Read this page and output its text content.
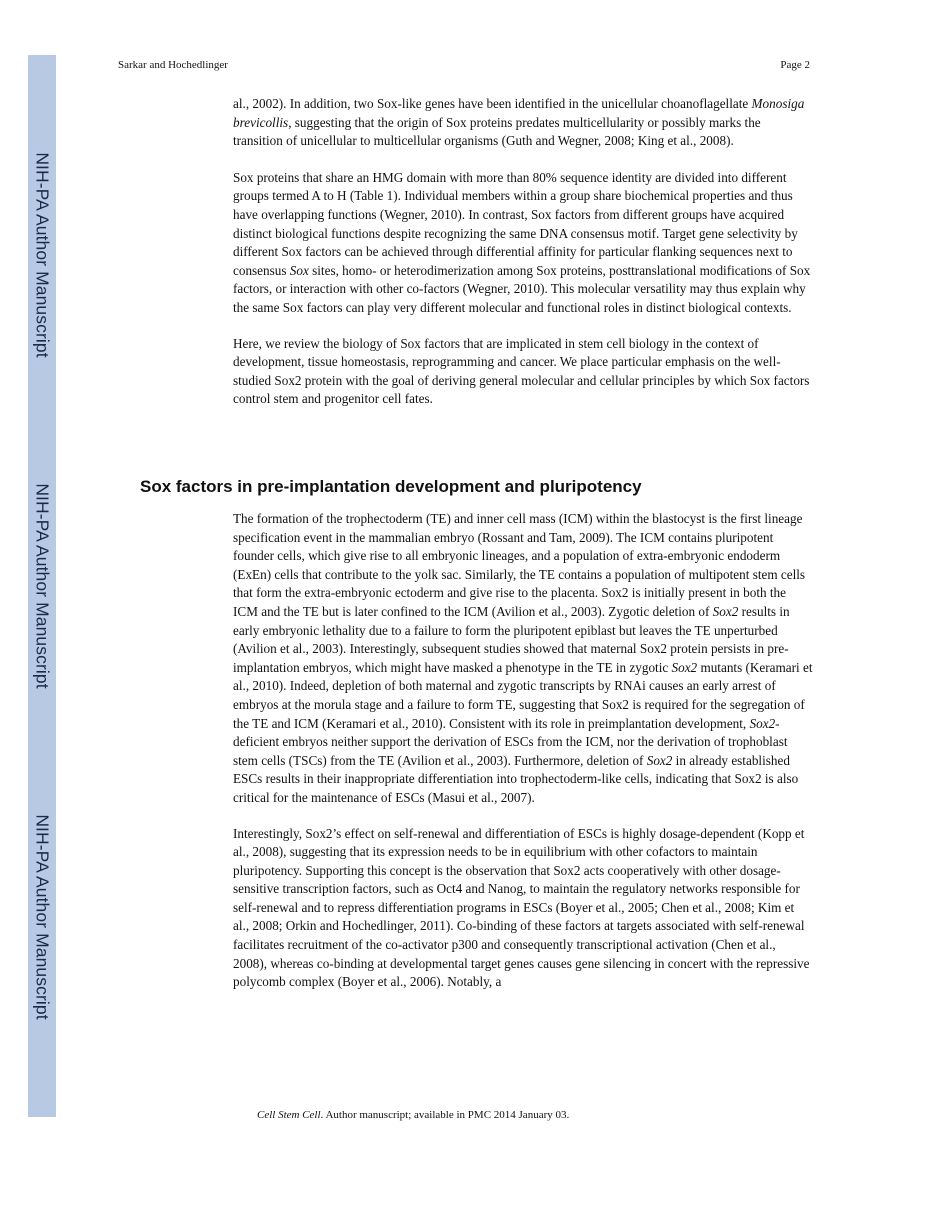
NIH-PA Author Manuscript
NIH-PA Author Manuscript
NIH-PA Author Manuscript
Sarkar and Hochedlinger	Page 2

al., 2002). In addition, two Sox-like genes have been identified in the unicellular choanoflagellate Monosiga brevicollis, suggesting that the origin of Sox proteins predates multicellularity or possibly marks the transition of unicellular to multicellular organisms (Guth and Wegner, 2008; King et al., 2008).

Sox proteins that share an HMG domain with more than 80% sequence identity are divided into different groups termed A to H (Table 1). Individual members within a group share biochemical properties and thus have overlapping functions (Wegner, 2010). In contrast, Sox factors from different groups have acquired distinct biological functions despite recognizing the same DNA consensus motif. Target gene selectivity by different Sox factors can be achieved through differential affinity for particular flanking sequences next to consensus Sox sites, homo- or heterodimerization among Sox proteins, posttranslational modifications of Sox factors, or interaction with other co-factors (Wegner, 2010). This molecular versatility may thus explain why the same Sox factors can play very different molecular and functional roles in distinct biological contexts.

Here, we review the biology of Sox factors that are implicated in stem cell biology in the context of development, tissue homeostasis, reprogramming and cancer. We place particular emphasis on the well-studied Sox2 protein with the goal of deriving general molecular and cellular principles by which Sox factors control stem and progenitor cell fates.

Sox factors in pre-implantation development and pluripotency

The formation of the trophectoderm (TE) and inner cell mass (ICM) within the blastocyst is the first lineage specification event in the mammalian embryo (Rossant and Tam, 2009). The ICM contains pluripotent founder cells, which give rise to all embryonic lineages, and a population of extra-embryonic endoderm (ExEn) cells that contribute to the yolk sac. Similarly, the TE contains a population of multipotent stem cells that form the extra-embryonic ectoderm and give rise to the placenta. Sox2 is initially present in both the ICM and the TE but is later confined to the ICM (Avilion et al., 2003). Zygotic deletion of Sox2 results in early embryonic lethality due to a failure to form the pluripotent epiblast but leaves the TE unperturbed (Avilion et al., 2003). Interestingly, subsequent studies showed that maternal Sox2 protein persists in pre-implantation embryos, which might have masked a phenotype in the TE in zygotic Sox2 mutants (Keramari et al., 2010). Indeed, depletion of both maternal and zygotic transcripts by RNAi causes an early arrest of embryos at the morula stage and a failure to form TE, suggesting that Sox2 is required for the segregation of the TE and ICM (Keramari et al., 2010). Consistent with its role in preimplantation development, Sox2-deficient embryos neither support the derivation of ESCs from the ICM, nor the derivation of trophoblast stem cells (TSCs) from the TE (Avilion et al., 2003). Furthermore, deletion of Sox2 in already established ESCs results in their inappropriate differentiation into trophectoderm-like cells, indicating that Sox2 is also critical for the maintenance of ESCs (Masui et al., 2007).

Interestingly, Sox2’s effect on self-renewal and differentiation of ESCs is highly dosage-dependent (Kopp et al., 2008), suggesting that its expression needs to be in equilibrium with other cofactors to maintain pluripotency. Supporting this concept is the observation that Sox2 acts cooperatively with other dosage-sensitive transcription factors, such as Oct4 and Nanog, to maintain the regulatory networks responsible for self-renewal and to repress differentiation programs in ESCs (Boyer et al., 2005; Chen et al., 2008; Kim et al., 2008; Orkin and Hochedlinger, 2011). Co-binding of these factors at targets associated with self-renewal facilitates recruitment of the co-activator p300 and consequently transcriptional activation (Chen et al., 2008), whereas co-binding at developmental target genes causes gene silencing in concert with the repressive polycomb complex (Boyer et al., 2006). Notably, a

Cell Stem Cell. Author manuscript; available in PMC 2014 January 03.
